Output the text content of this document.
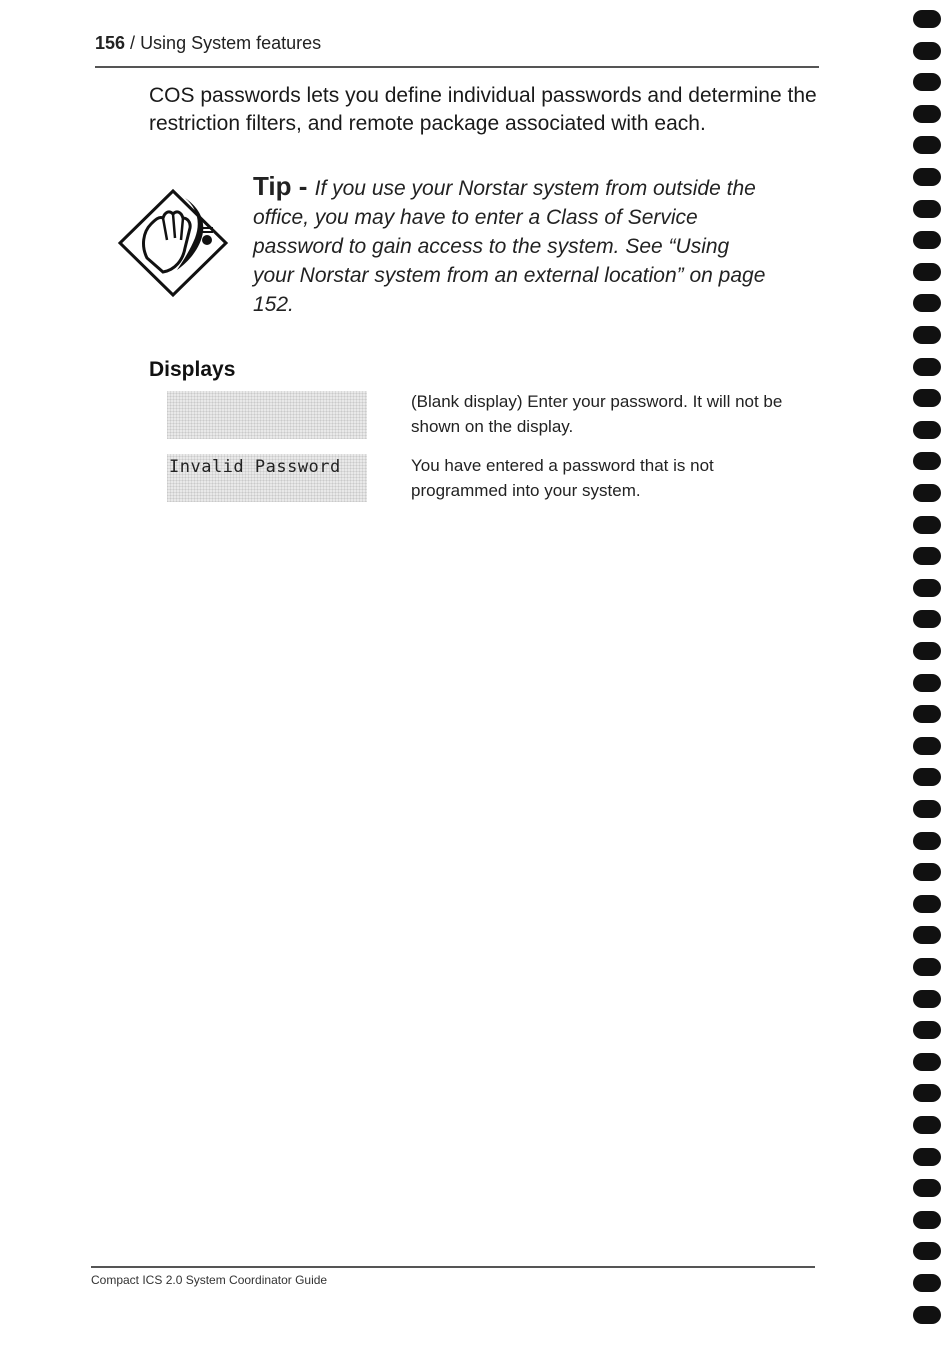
156 / Using System features
COS passwords lets you define individual passwords and determine the restriction filters, and remote package associated with each.
Tip - If you use your Norstar system from outside the office, you may have to enter a Class of Service password to gain access to the system. See “Using your Norstar system from an external location” on page 152.
Displays
(Blank display) Enter your password. It will not be shown on the display.
Invalid Password	You have entered a password that is not programmed into your system.
Compact ICS 2.0 System Coordinator Guide
